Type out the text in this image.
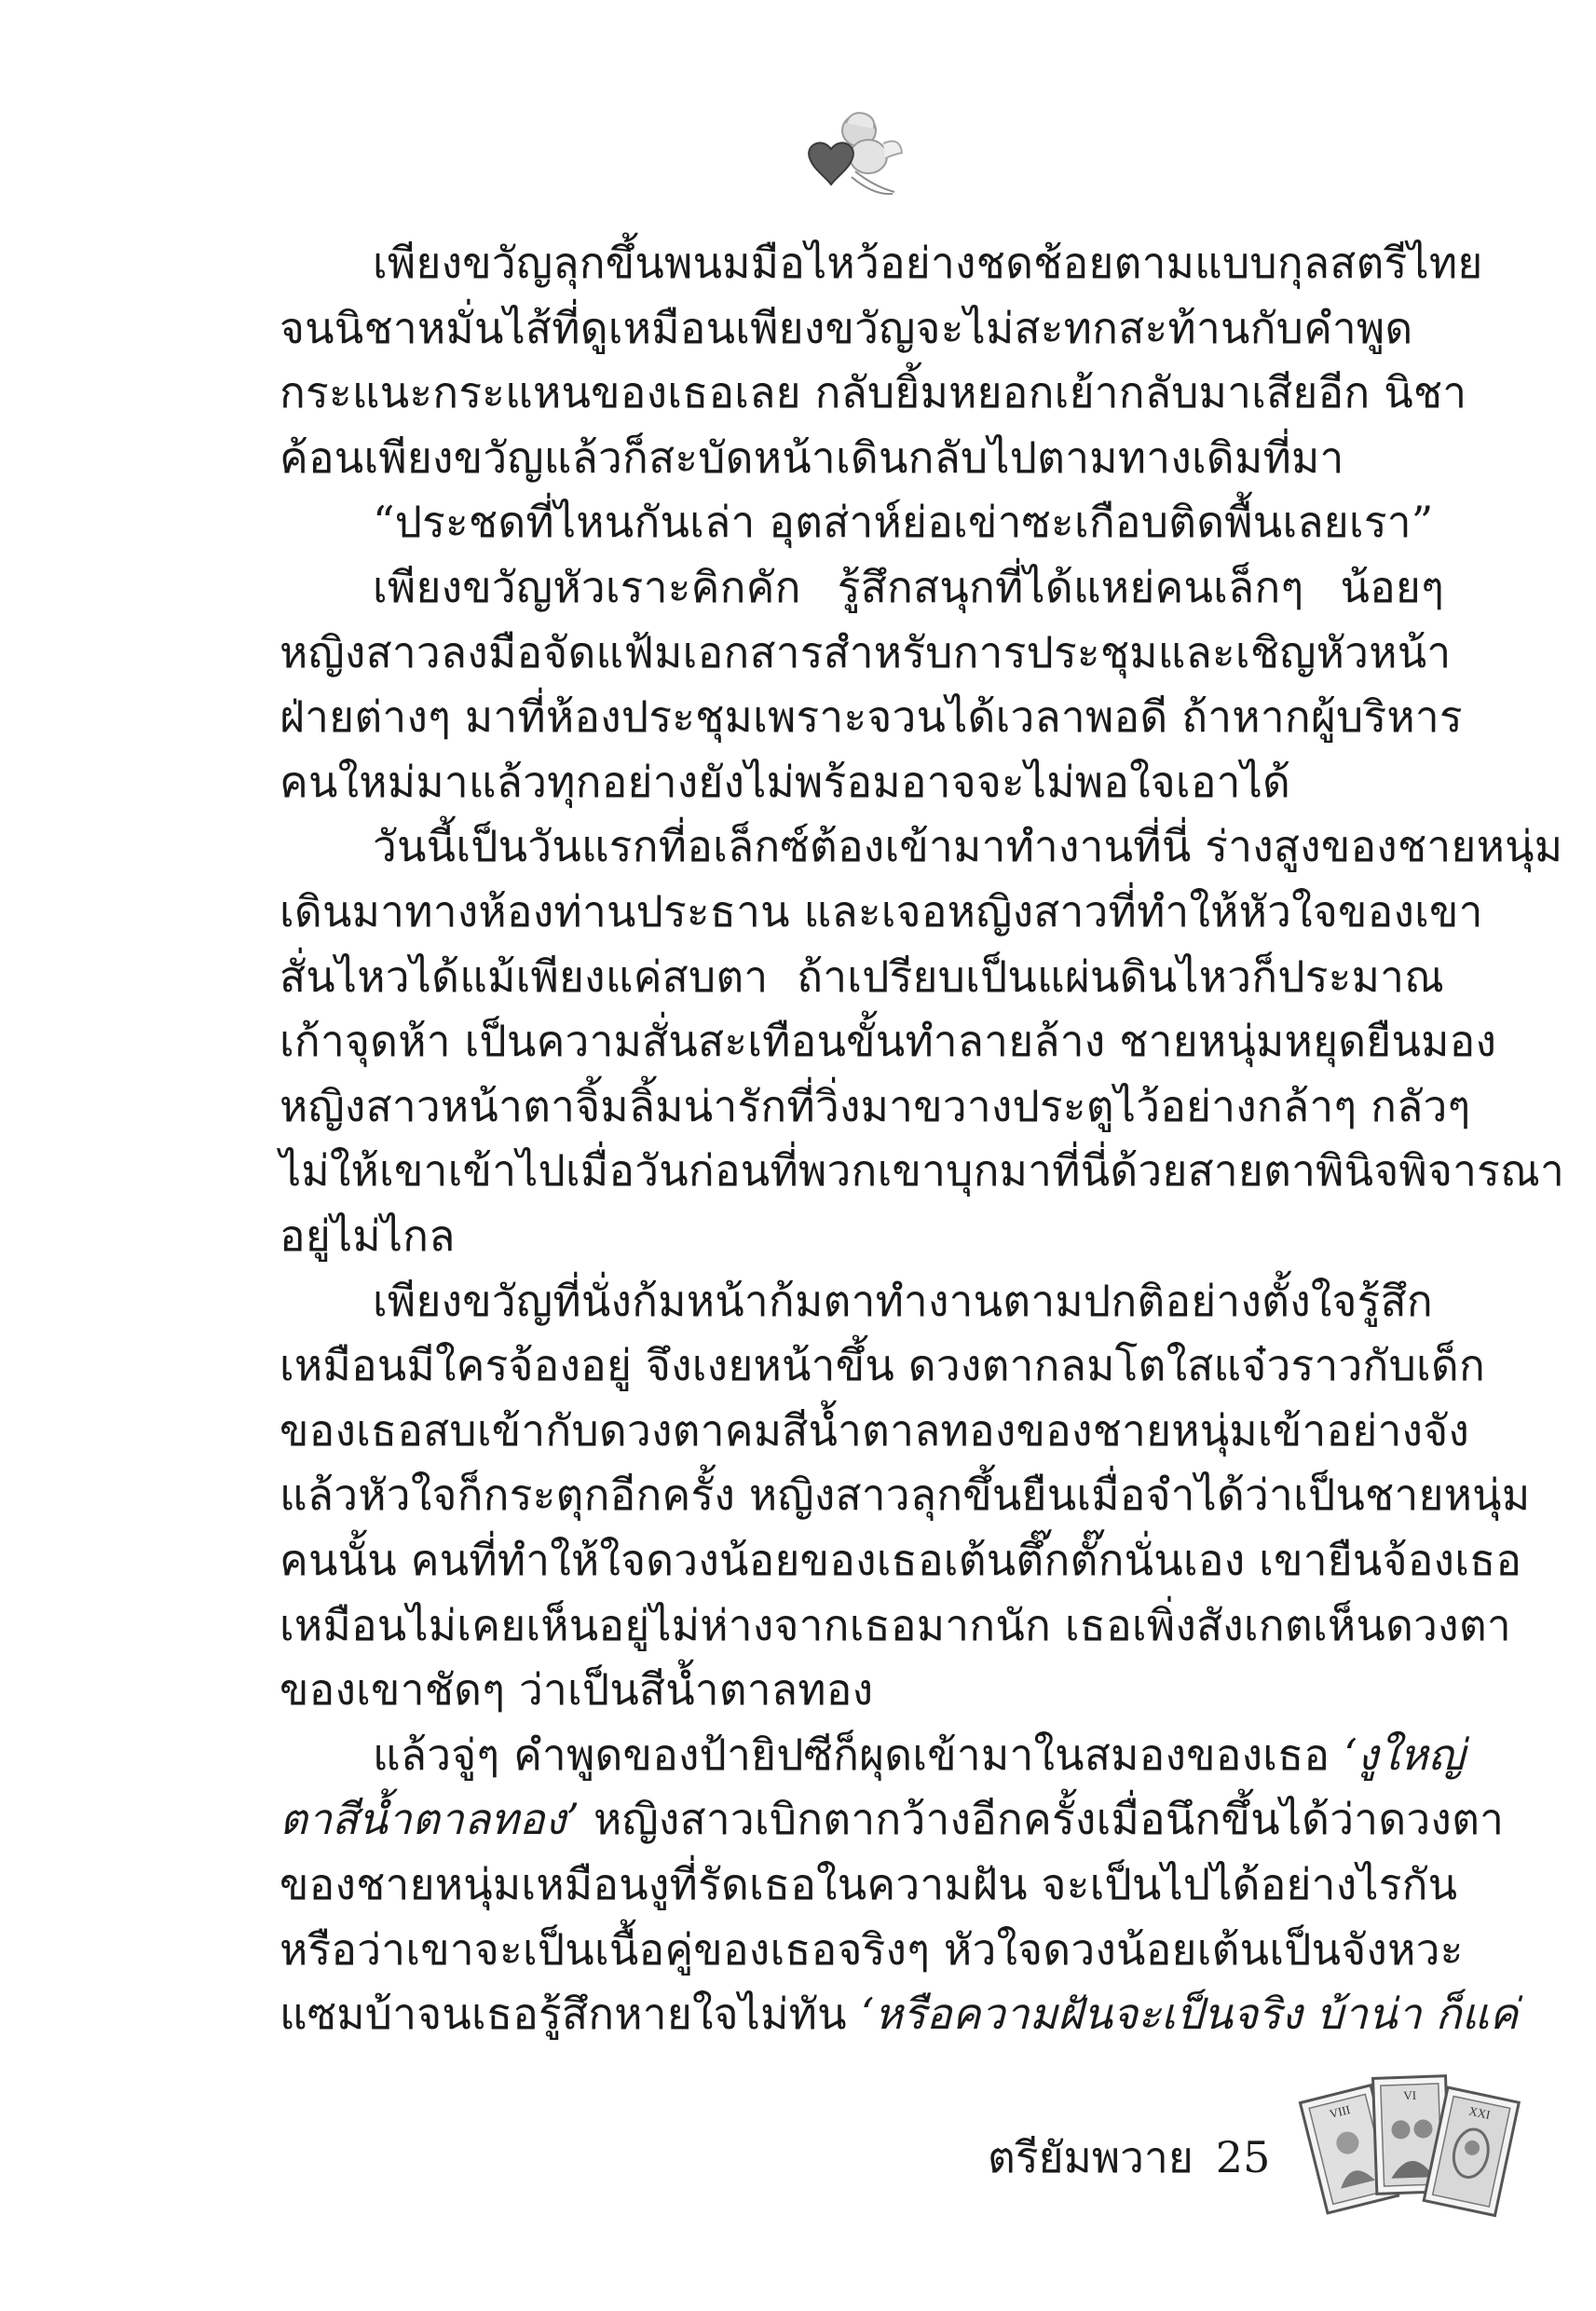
เพียงขวัญลุกขึ้นพนมมือไหว้อย่างชดช้อยตามแบบกุลสตรีไทย
จนนิชาหมั่นไส้ที่ดูเหมือนเพียงขวัญจะไม่สะทกสะท้านกับคำพูด
กระแนะกระแหนของเธอเลย กลับยิ้มหยอกเย้ากลับมาเสียอีก นิชา
ค้อนเพียงขวัญแล้วก็สะบัดหน้าเดินกลับไปตามทางเดิมที่มา
“ประชดที่ไหนกันเล่า อุตส่าห์ย่อเข่าซะเกือบติดพื้นเลยเรา”
เพียงขวัญหัวเราะคิกคัก รู้สึกสนุกที่ได้แหย่คนเล็กๆ น้อยๆ
หญิงสาวลงมือจัดแฟ้มเอกสารสำหรับการประชุมและเชิญหัวหน้า
ฝ่ายต่างๆ มาที่ห้องประชุมเพราะจวนได้เวลาพอดี ถ้าหากผู้บริหาร
คนใหม่มาแล้วทุกอย่างยังไม่พร้อมอาจจะไม่พอใจเอาได้
วันนี้เป็นวันแรกที่อเล็กซ์ต้องเข้ามาทำงานที่นี่ ร่างสูงของชายหนุ่ม
เดินมาทางห้องท่านประธาน และเจอหญิงสาวที่ทำให้หัวใจของเขา
สั่นไหวได้แม้เพียงแค่สบตา ถ้าเปรียบเป็นแผ่นดินไหวก็ประมาณ
เก้าจุดห้า เป็นความสั่นสะเทือนขั้นทำลายล้าง ชายหนุ่มหยุดยืนมอง
หญิงสาวหน้าตาจิ้มลิ้มน่ารักที่วิ่งมาขวางประตูไว้อย่างกล้าๆ กลัวๆ
ไม่ให้เขาเข้าไปเมื่อวันก่อนที่พวกเขาบุกมาที่นี่ด้วยสายตาพินิจพิจารณา
อยู่ไม่ไกล
เพียงขวัญที่นั่งก้มหน้าก้มตาทำงานตามปกติอย่างตั้งใจรู้สึก
เหมือนมีใครจ้องอยู่ จึงเงยหน้าขึ้น ดวงตากลมโตใสแจ๋วราวกับเด็ก
ของเธอสบเข้ากับดวงตาคมสีน้ำตาลทองของชายหนุ่มเข้าอย่างจัง
แล้วหัวใจก็กระตุกอีกครั้ง หญิงสาวลุกขึ้นยืนเมื่อจำได้ว่าเป็นชายหนุ่ม
คนนั้น คนที่ทำให้ใจดวงน้อยของเธอเต้นตึ๊กตั๊กนั่นเอง เขายืนจ้องเธอ
เหมือนไม่เคยเห็นอยู่ไม่ห่างจากเธอมากนัก เธอเพิ่งสังเกตเห็นดวงตา
ของเขาชัดๆ ว่าเป็นสีน้ำตาลทอง
แล้วจู่ๆ คำพูดของป้ายิปซีก็ผุดเข้ามาในสมองของเธอ ‘งูใหญ่
ตาสีน้ำตาลทอง’ หญิงสาวเบิกตากว้างอีกครั้งเมื่อนึกขึ้นได้ว่าดวงตา
ของชายหนุ่มเหมือนงูที่รัดเธอในความฝัน จะเป็นไปได้อย่างไรกัน
หรือว่าเขาจะเป็นเนื้อคู่ของเธอจริงๆ หัวใจดวงน้อยเต้นเป็นจังหวะ
แซมบ้าจนเธอรู้สึกหายใจไม่ทัน ‘หรือความฝันจะเป็นจริง บ้าน่า ก็แค่
ตรียัมพวาย 25
VIII
VI
XXI
